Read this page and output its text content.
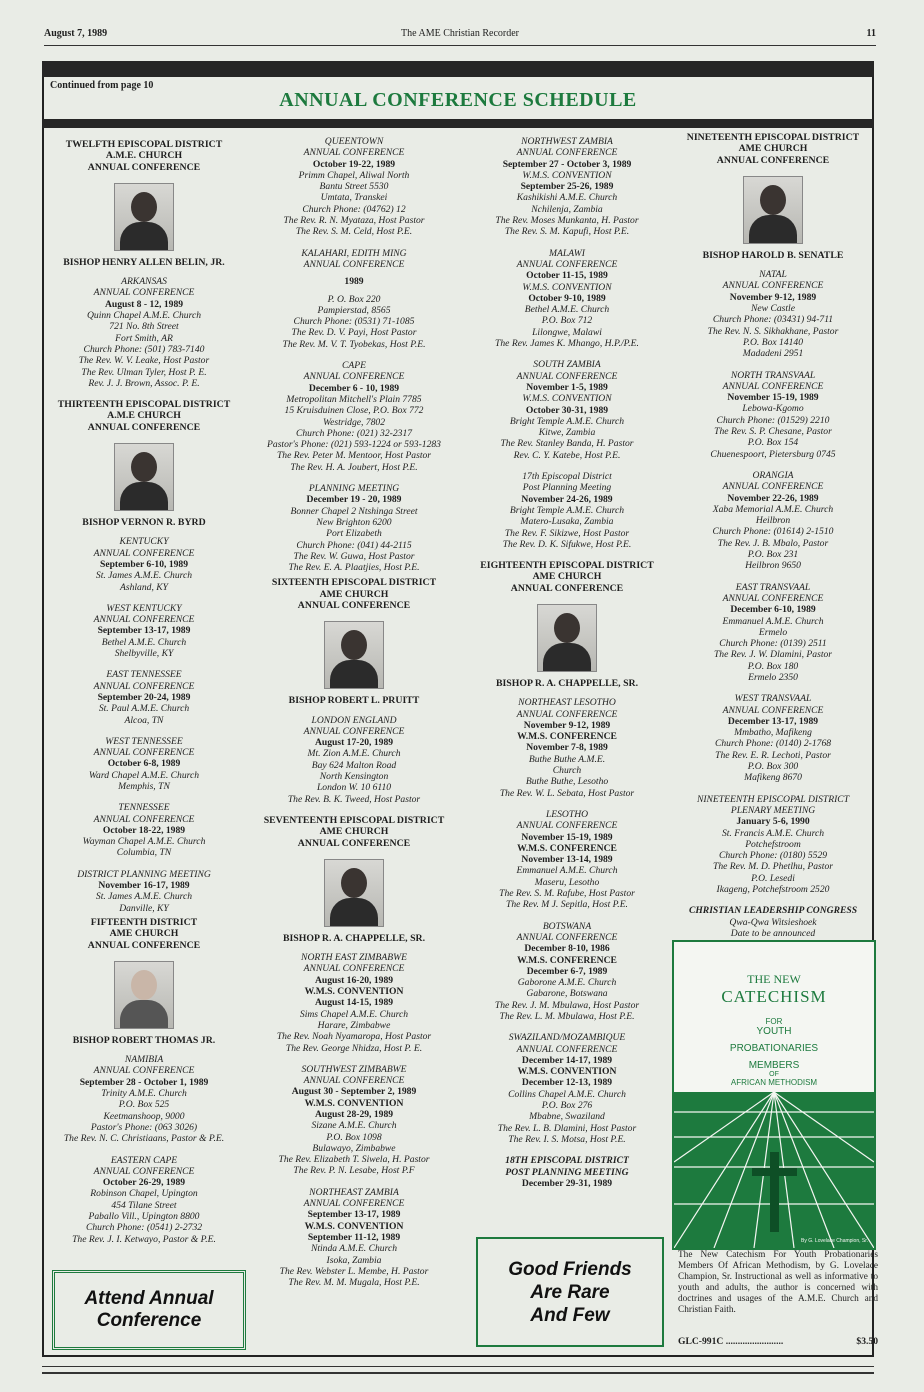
August 7, 1989	The AME Christian Recorder	11
Continued from page 10
ANNUAL CONFERENCE SCHEDULE
TWELFTH EPISCOPAL DISTRICT
A.M.E. CHURCH
ANNUAL CONFERENCE
BISHOP HENRY ALLEN BELIN, JR.
ARKANSAS
ANNUAL CONFERENCE
August 8 - 12, 1989
Quinn Chapel A.M.E. Church
721 No. 8th Street
Fort Smith, AR
Church Phone: (501) 783-7140
The Rev. W. V. Leake, Host Pastor
The Rev. Ulman Tyler, Host P. E.
Rev. J. J. Brown, Assoc. P. E.
THIRTEENTH EPISCOPAL DISTRICT
A.M.E CHURCH
ANNUAL CONFERENCE
BISHOP VERNON R. BYRD
KENTUCKY
ANNUAL CONFERENCE
September 6-10, 1989
St. James A.M.E. Church
Ashland, KY
WEST KENTUCKY
ANNUAL CONFERENCE
September 13-17, 1989
Bethel A.M.E. Church
Shelbyville, KY
EAST TENNESSEE
ANNUAL CONFERENCE
September 20-24, 1989
St. Paul A.M.E. Church
Alcoa, TN
WEST TENNESSEE
ANNUAL CONFERENCE
October 6-8, 1989
Ward Chapel A.M.E. Church
Memphis, TN
TENNESSEE
ANNUAL CONFERENCE
October 18-22, 1989
Wayman Chapel A.M.E. Church
Columbia, TN
DISTRICT PLANNING MEETING
November 16-17, 1989
St. James A.M.E. Church
Danville, KY
FIFTEENTH DISTRICT
AME CHURCH
ANNUAL CONFERENCE
BISHOP ROBERT THOMAS JR.
NAMIBIA
ANNUAL CONFERENCE
September 28 - October 1, 1989
Trinity A.M.E. Church
P.O. Box 525
Keetmanshoop, 9000
Pastor's Phone: (063 3026)
The Rev. N. C. Christiaans, Pastor & P.E.
EASTERN CAPE
ANNUAL CONFERENCE
October 26-29, 1989
Robinson Chapel, Upington
454 Tilane Street
Paballo Vill., Upington 8800
Church Phone: (0541) 2-2732
The Rev. J. I. Ketwayo, Pastor & P.E.
QUEENTOWN
ANNUAL CONFERENCE
October 19-22, 1989
Primm Chapel, Aliwal North
Bantu Street 5530
Umtata, Transkei
Church Phone: (04762) 12
The Rev. R. N. Myataza, Host Pastor
The Rev. S. M. Celd, Host P.E.
KALAHARI, EDITH MING
ANNUAL CONFERENCE
1989
P. O. Box 220
Pampierstad, 8565
Church Phone: (0531) 71-1085
The Rev. D. V. Payi, Host Pastor
The Rev. M. V. T. Tyobekas, Host P.E.
CAPE
ANNUAL CONFERENCE
December 6 - 10, 1989
Metropolitan Mitchell's Plain 7785
15 Kruisduinen Close, P.O. Box 772
Westridge, 7802
Church Phone: (021) 32-2317
Pastor's Phone: (021) 593-1224 or 593-1283
The Rev. Peter M. Mentoor, Host Pastor
The Rev. H. A. Joubert, Host P.E.
PLANNING MEETING
December 19 - 20, 1989
Bonner Chapel 2 Ntshinga Street
New Brighton 6200
Port Elizabeth
Church Phone: (041) 44-2115
The Rev. W. Guwa, Host Pastor
The Rev. E. A. Plaatjies, Host P.E.
SIXTEENTH EPISCOPAL DISTRICT
AME CHURCH
ANNUAL CONFERENCE
BISHOP ROBERT L. PRUITT
LONDON ENGLAND
ANNUAL CONFERENCE
August 17-20, 1989
Mt. Zion A.M.E. Church
Bay 624 Malton Road
North Kensington
London W. 10 6110
The Rev. B. K. Tweed, Host Pastor
SEVENTEENTH EPISCOPAL DISTRICT
AME CHURCH
ANNUAL CONFERENCE
BISHOP R. A. CHAPPELLE, SR.
NORTH EAST ZIMBABWE
ANNUAL CONFERENCE
August 16-20, 1989
W.M.S. CONVENTION
August 14-15, 1989
Sims Chapel A.M.E. Church
Harare, Zimbabwe
The Rev. Noah Nyamaropa, Host Pastor
The Rev. George Nhidza, Host P. E.
SOUTHWEST ZIMBABWE
ANNUAL CONFERENCE
August 30 - September 2, 1989
W.M.S. CONVENTION
August 28-29, 1989
Sizane A.M.E. Church
P.O. Box 1098
Bulawayo, Zimbabwe
The Rev. Elizabeth T. Siwela, H. Pastor
The Rev. P. N. Lesabe, Host P.F
NORTHEAST ZAMBIA
ANNUAL CONFERENCE
September 13-17, 1989
W.M.S. CONVENTION
September 11-12, 1989
Ntinda A.M.E. Church
Isoka, Zambia
The Rev. Webster L. Membe, H. Pastor
The Rev. M. M. Mugala, Host P.E.
NORTHWEST ZAMBIA
ANNUAL CONFERENCE
September 27 - October 3, 1989
W.M.S. CONVENTION
September 25-26, 1989
Kashikishi A.M.E. Church
Nchilenja, Zambia
The Rev. Moses Munkanta, H. Pastor
The Rev. S. M. Kapufi, Host P.E.
MALAWI
ANNUAL CONFERENCE
October 11-15, 1989
W.M.S. CONVENTION
October 9-10, 1989
Bethel A.M.E. Church
P.O. Box 712
Lilongwe, Malawi
The Rev. James K. Mhango, H.P./P.E.
SOUTH ZAMBIA
ANNUAL CONFERENCE
November 1-5, 1989
W.M.S. CONVENTION
October 30-31, 1989
Bright Temple A.M.E. Church
Kitwe, Zambia
The Rev. Stanley Banda, H. Pastor
Rev. C. Y. Katebe, Host P.E.
17th Episcopal District
Post Planning Meeting
November 24-26, 1989
Bright Temple A.M.E. Church
Matero-Lusaka, Zambia
The Rev. F. Sikizwe, Host Pastor
The Rev. D. K. Sifukwe, Host P.E.
EIGHTEENTH EPISCOPAL DISTRICT
AME CHURCH
ANNUAL CONFERENCE
BISHOP R. A. CHAPPELLE, SR.
NORTHEAST LESOTHO
ANNUAL CONFERENCE
November 9-12, 1989
W.M.S. CONFERENCE
November 7-8, 1989
Buthe Buthe A.M.E.
Church
Buthe Buthe, Lesotho
The Rev. W. L. Sebata, Host Pastor
LESOTHO
ANNUAL CONFERENCE
November 15-19, 1989
W.M.S. CONFERENCE
November 13-14, 1989
Emmanuel A.M.E. Church
Maseru, Lesotho
The Rev. S. M. Rafube, Host Pastor
The Rev. M J. Sepitla, Host P.E.
BOTSWANA
ANNUAL CONFERENCE
December 8-10, 1986
W.M.S. CONFERENCE
December 6-7, 1989
Gaborone A.M.E. Church
Gabarone, Botswana
The Rev. J. M. Mbulawa, Host Pastor
The Rev. L. M. Mbulawa, Host P.E.
SWAZILAND/MOZAMBIQUE
ANNUAL CONFERENCE
December 14-17, 1989
W.M.S. CONVENTION
December 12-13, 1989
Collins Chapel A.M.E. Church
P.O. Box 276
Mbabne, Swaziland
The Rev. L. B. Dlamini, Host Pastor
The Rev. I. S. Motsa, Host P.E.
18TH EPISCOPAL DISTRICT
POST PLANNING MEETING
December 29-31, 1989
NINETEENTH EPISCOPAL DISTRICT
AME CHURCH
ANNUAL CONFERENCE
BISHOP HAROLD B. SENATLE
NATAL
ANNUAL CONFERENCE
November 9-12, 1989
New Castle
Church Phone: (03431) 94-711
The Rev. N. S. Sikhakhane, Pastor
P.O. Box 14140
Madadeni 2951
NORTH TRANSVAAL
ANNUAL CONFERENCE
November 15-19, 1989
Lebowa-Kgomo
Church Phone: (01529) 2210
The Rev. S. P. Chesane, Pastor
P.O. Box 154
Chuenespoort, Pietersburg 0745
ORANGIA
ANNUAL CONFERENCE
November 22-26, 1989
Xaba Memorial A.M.E. Church
Heilbron
Church Phone: (01614) 2-1510
The Rev. J. B. Mbalo, Pastor
P.O. Box 231
Heilbron 9650
EAST TRANSVAAL
ANNUAL CONFERENCE
December 6-10, 1989
Emmanuel A.M.E. Church
Ermelo
Church Phone: (0139) 2511
The Rev. J. W. Dlamini, Pastor
P.O. Box 180
Ermelo 2350
WEST TRANSVAAL
ANNUAL CONFERENCE
December 13-17, 1989
Mmbatho, Mafikeng
Church Phone: (0140) 2-1768
The Rev. E. R. Lechoti, Pastor
P.O. Box 300
Mafikeng 8670
NINETEENTH EPISCOPAL DISTRICT
PLENARY MEETING
January 5-6, 1990
St. Francis A.M.E. Church
Potchefstroom
Church Phone: (0180) 5529
The Rev. M. D. Phetlhu, Pastor
P.O. Lesedi
Ikageng, Potchefstroom 2520
CHRISTIAN LEADERSHIP CONGRESS
Qwa-Qwa Witsieshoek
Date to be announced
THE NEW
CATECHISM
FOR
YOUTH
PROBATIONARIES
MEMBERS
OF
AFRICAN METHODISM
By G. Lovelace Champion, Sr.
The New Catechism For Youth Probationaries Members Of African Methodism, by G. Lovelace Champion, Sr. Instructional as well as informative to youth and adults, the author is concerned with doctrines and usages of the A.M.E. Church and Christian Faith.
GLC-991C ........................	$3.50
Attend Annual
Conference
Good Friends
Are Rare
And Few
